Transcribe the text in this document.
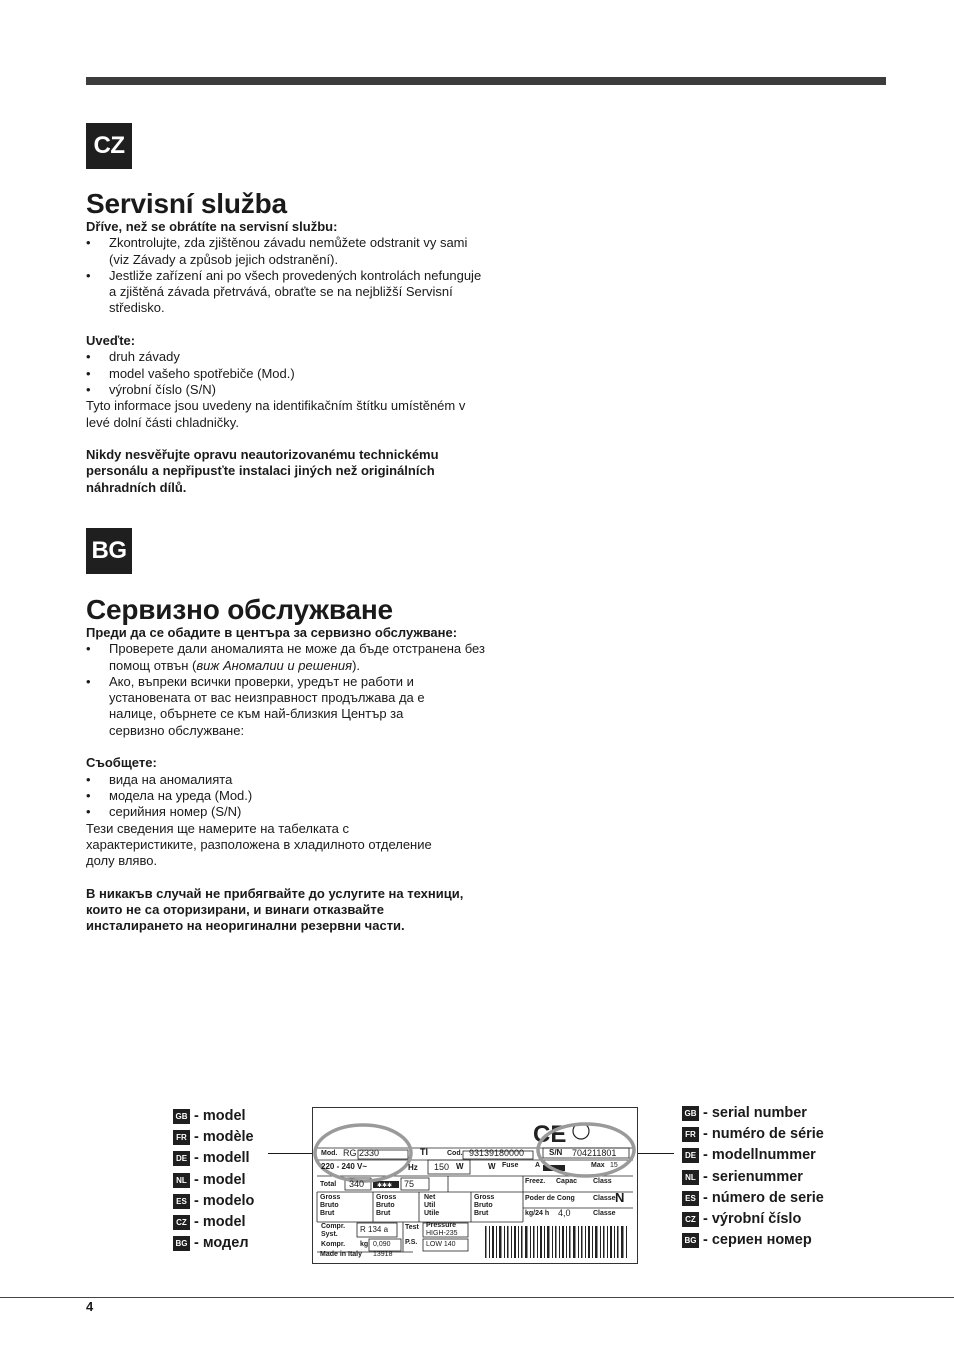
CZ
Servisní služba

Dříve, než se obrátíte na servisní službu:

• Zkontrolujte, zda zjištěnou závadu nemůžete odstranit vy sami (viz Závady a způsob jejich odstranění).
• Jestliže zařízení ani po všech provedených kontrolách nefunguje a zjištěná závada přetrvává, obraťte se na nejbližší Servisní středisko.

Uveďte:

• druh závady
• model vašeho spotřebiče (Mod.)
• výrobní číslo (S/N)

Tyto informace jsou uvedeny na identifikačním štítku umístěném v levé dolní části chladničky.

Nikdy nesvěřujte opravu neautorizovanému technickému personálu a nepřipusťte instalaci jiných než originálních náhradních dílů.

BG
Сервизно обслужване

Преди да се обадите в центъра за сервизно обслужване:

• Проверете дали аномалията не може да бъде отстранена без помощ отвън (виж Аномалии и решения).
• Ако, въпреки всички проверки, уредът не работи и установената от вас неизправност продължава да е налице, обърнете се към най-близкия Център за сервизно обслужване:

Съобщете:

• вида на аномалията
• модела на уреда (Mod.)
• серийния номер (S/N)

Тези сведения ще намерите на табелката с характеристиките, разположена в хладилното отделение долу вляво.

В никакъв случай не прибягвайте до услугите на техници, които не са оторизирани, и винаги отказвайте инсталирането на неоригинални резервни части.

GB - model
FR - modèle
DE - modell
NL - model
ES - modelo
CZ - model
BG - модел
GB - serial number
FR - numéro de série
DE - modellnummer
NL - serienummer
ES - número de serie
CZ - výrobní číslo
BG - сериен номер
CE
✱✱✱
Mod. RG 2330	TI	Cod. 93139180000	S/N 704211801
Max 15
220 - 240 V~	Hz 150 W	W Fuse A
Total 340	75	Freez. Capac Class
Gross
Bruto
Brut
Gross
Bruto
Brut
Net
Util
Utile
Gross
Bruto
Brut
Poder de Cong	Classe N
kg/24 h 4,0	Classe
Compr.
Syst.
Kompr.
R 134 a
kg 0,090
Test
P.S.
Pressure
HIGH-235
LOW 140
Made in Italy 13918
4
